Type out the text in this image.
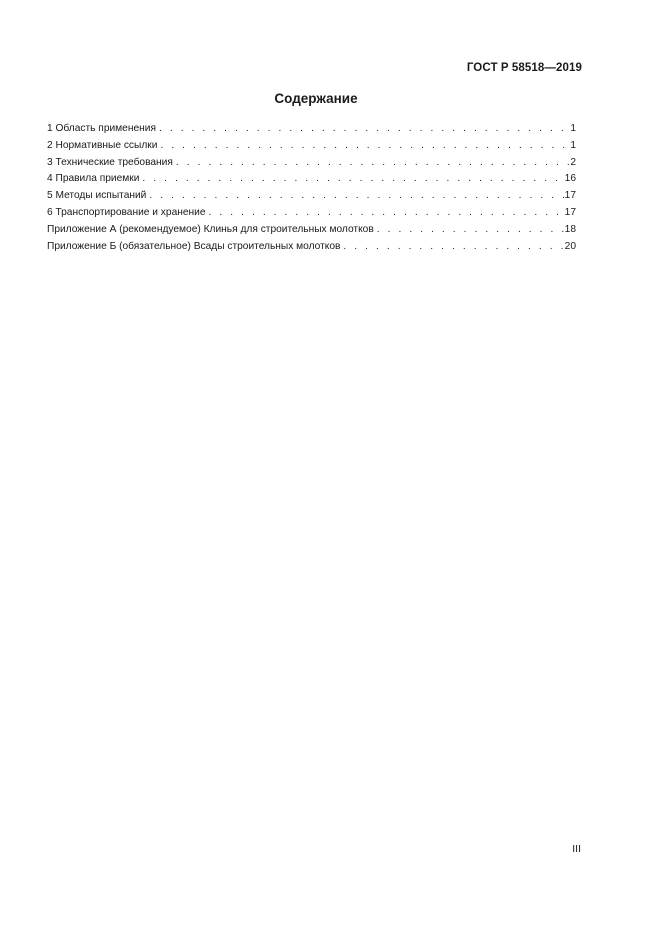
ГОСТ Р 58518—2019
Содержание
1 Область применения . . .	1
2 Нормативные ссылки . . .	1
3 Технические требования . . .	2
4 Правила приемки . . .	16
5 Методы испытаний . . .	17
6 Транспортирование и хранение . . .	17
Приложение А (рекомендуемое) Клинья для строительных молотков . . .	18
Приложение Б (обязательное) Всады строительных молотков . . .	20
III
